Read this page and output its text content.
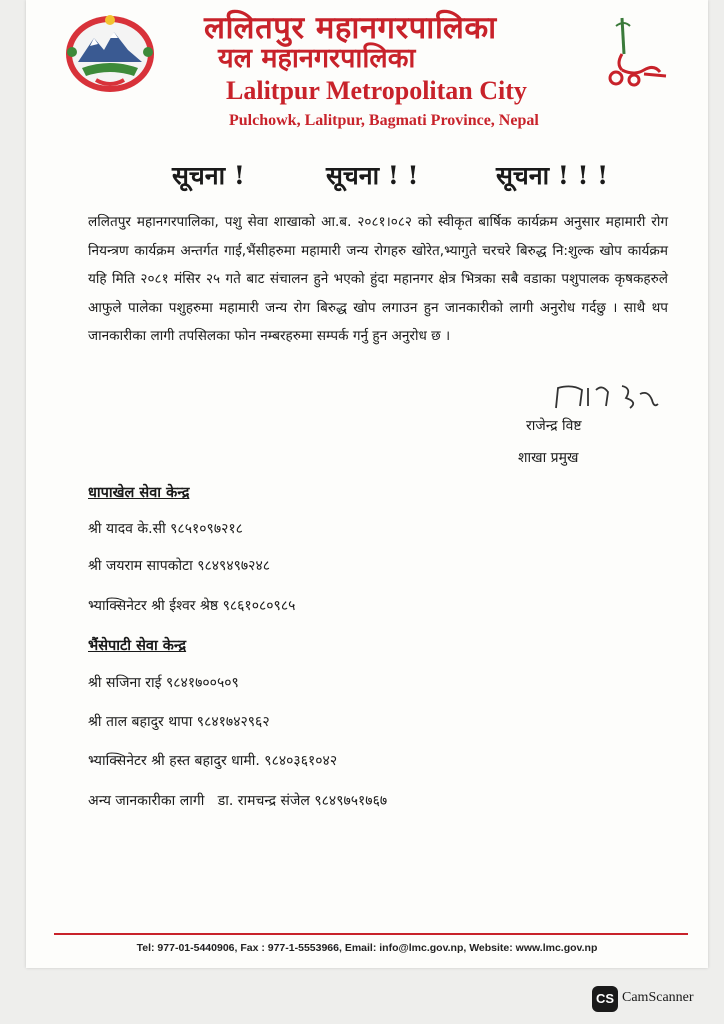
ललितपुर महानगरपालिका
यल महानगरपालिका
Lalitpur Metropolitan City
Pulchowk, Lalitpur, Bagmati Province, Nepal
सूचना !	सूचना ! !	सूचना ! ! !
ललितपुर महानगरपालिका, पशु सेवा शाखाको आ.ब. २०८१।०८२ को स्वीकृत बार्षिक कार्यक्रम अनुसार महामारी रोग नियन्त्रण कार्यक्रम अन्तर्गत गाई,भैंसीहरुमा महामारी जन्य रोगहरु खोरेत,भ्यागुते चरचरे बिरुद्ध नि:शुल्क खोप कार्यक्रम यहि मिति २०८१ मंसिर २५ गते बाट संचालन हुने भएको हुंदा महानगर क्षेत्र भित्रका सबै वडाका पशुपालक कृषकहरुले आफुले पालेका पशुहरुमा महामारी जन्य रोग बिरुद्ध खोप लगाउन हुन जानकारीको लागी अनुरोध गर्दछु । साथै थप जानकारीका लागी तपसिलका फोन नम्बरहरुमा सम्पर्क गर्नु हुन अनुरोध छ ।
राजेन्द्र विष्ट
शाखा प्रमुख
धापाखेल सेवा केन्द्र
श्री यादव के.सी ९८५१०९७२१८
श्री जयराम सापकोटा ९८४९४९७२४८
भ्याक्सिनेटर श्री ईश्वर श्रेष्ठ ९८६१०८०९८५
भैंसेपाटी सेवा केन्द्र
श्री सजिना राई ९८४१७००५०९
श्री ताल बहादुर थापा ९८४१७४२९६२
भ्याक्सिनेटर श्री हस्त बहादुर धामी. ९८४०३६१०४२
अन्य जानकारीका लागी   डा. रामचन्द्र संजेल ९८४९७५१७६७
Tel: 977-01-5440906, Fax : 977-1-5553966, Email: info@lmc.gov.np, Website: www.lmc.gov.np
CS CamScanner
